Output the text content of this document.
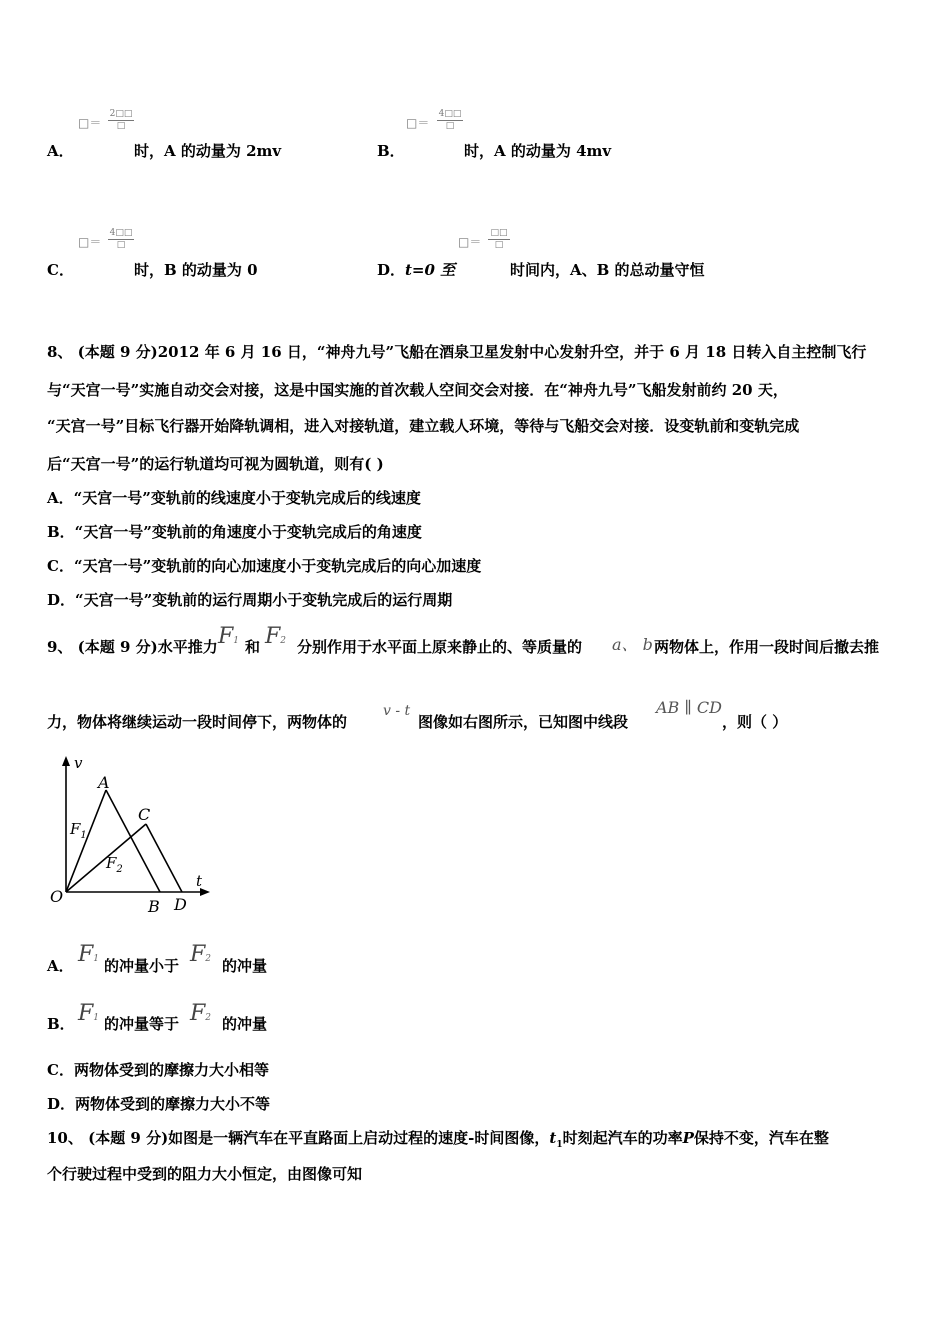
A．
□＝
2□□
□
时，A 的动量为 2mv	B．
□＝
4□□
□
时，A 的动量为 4mv
C．
□＝
4□□
□
时，B 的动量为 0	D． t=0 至
□＝
□□
□
时间内，A、B 的总动量守恒
8、 (本题 9 分)2012 年 6 月 16 日，“神舟九号”飞船在酒泉卫星发射中心发射升空，并于 6 月 18 日转入自主控制飞行
与“天宫一号”实施自动交会对接，这是中国实施的首次载人空间交会对接．在“神舟九号”飞船发射前约 20 天，
“天宫一号”目标飞行器开始降轨调相，进入对接轨道，建立载人环境，等待与飞船交会对接．设变轨前和变轨完成
后“天宫一号”的运行轨道均可视为圆轨道，则有( )
A．“天宫一号”变轨前的线速度小于变轨完成后的线速度
B．“天宫一号”变轨前的角速度小于变轨完成后的角速度
C．“天宫一号”变轨前的向心加速度小于变轨完成后的向心加速度
D．“天宫一号”变轨前的运行周期小于变轨完成后的运行周期
9、 (本题 9 分)水平推力 F1 和 F2 分别作用于水平面上原来静止的、等质量的 a、 b 两物体上，作用一段时间后撤去推
力，物体将继续运动一段时间停下，两物体的
v - t
图像如右图所示，已知图中线段
AB ∥ CD
，则（ ）
v
t
O
A
B
C
D
$F_1$
$F_2$
A． F1 的冲量小于 F2 的冲量
B． F1 的冲量等于 F2 的冲量
C．两物体受到的摩擦力大小相等
D．两物体受到的摩擦力大小不等
10、 (本题 9 分)如图是一辆汽车在平直路面上启动过程的速度-时间图像，$t_1$时刻起汽车的功率P保持不变，汽车在整
个行驶过程中受到的阻力大小恒定，由图像可知
